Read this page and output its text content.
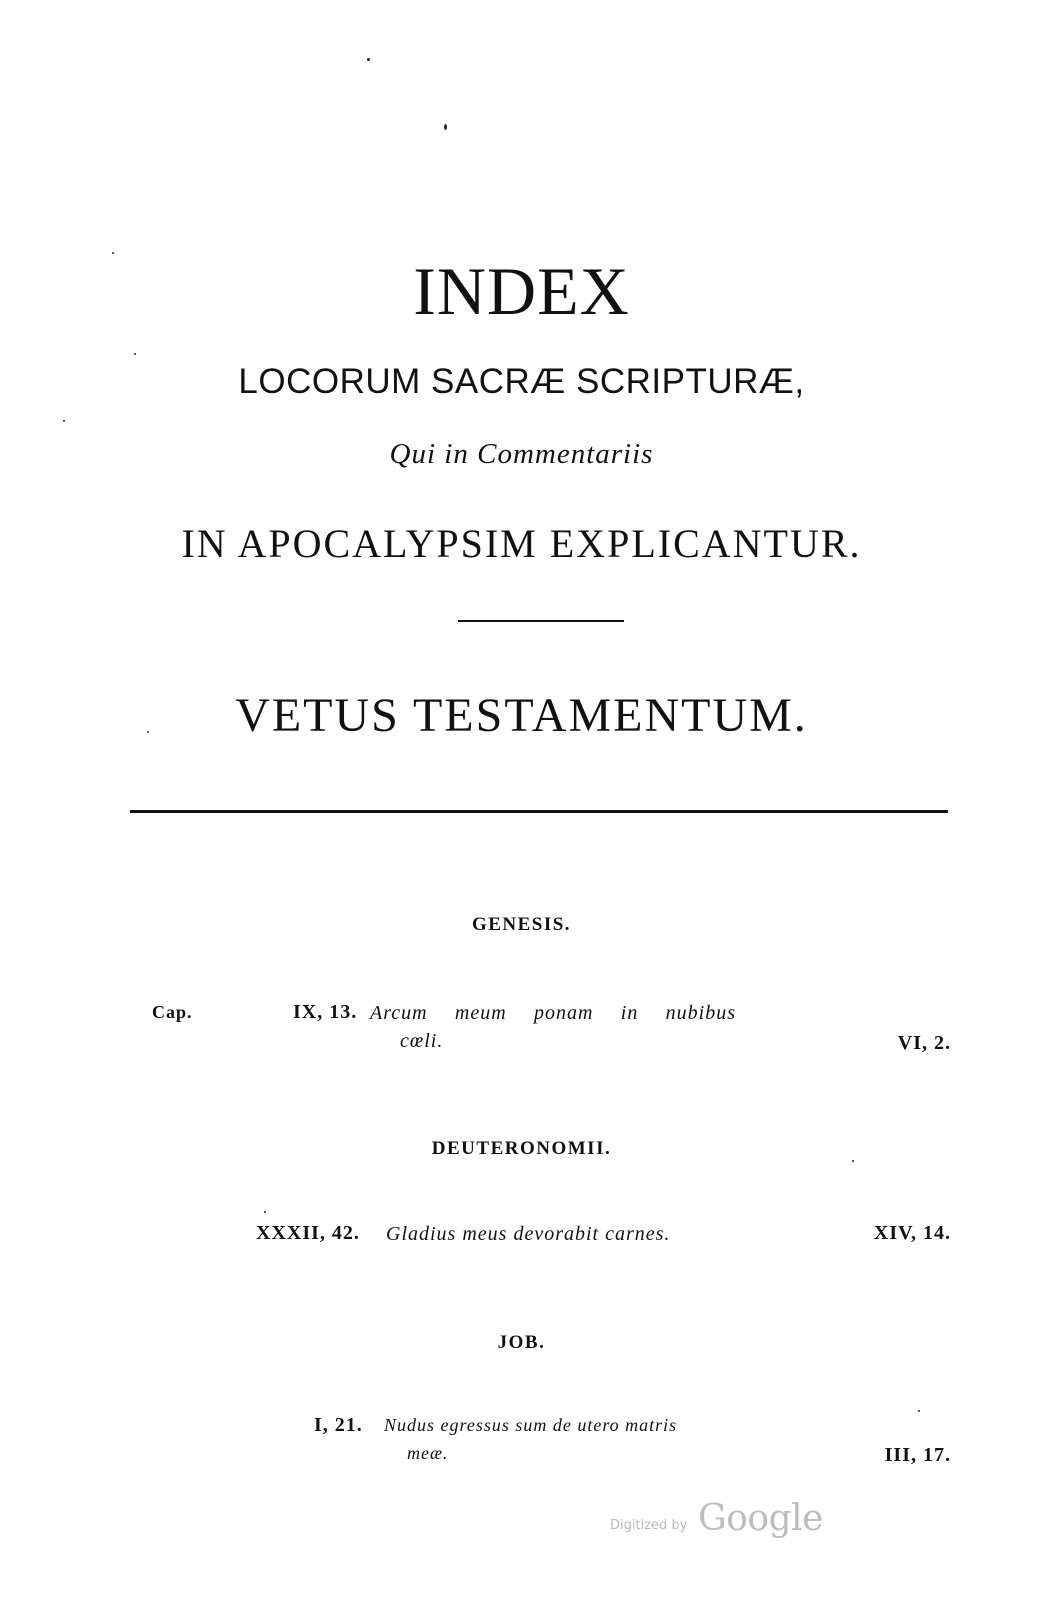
INDEX
LOCORUM SACRÆ SCRIPTURÆ,
Qui in Commentariis
IN APOCALYPSIM EXPLICANTUR.
VETUS TESTAMENTUM.
GENESIS.
Cap.	IX, 13. Arcum meum ponam in nubibus
cœli.	VI, 2.
DEUTERONOMII.
XXXII, 42. Gladius meus devorabit carnes.	XIV, 14.
JOB.
I, 21. Nudus egressus sum de utero matris
meæ.	III, 17.
Digitized by Google
